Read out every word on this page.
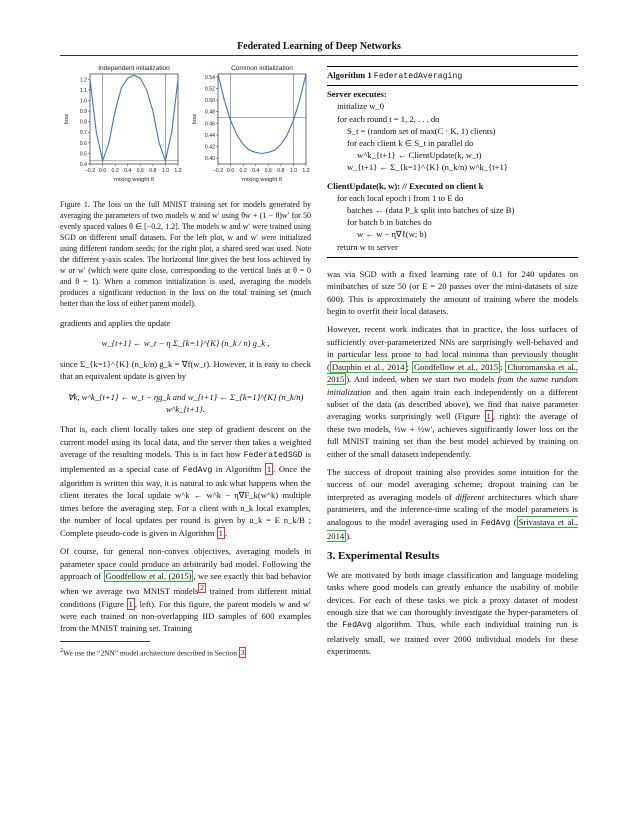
Federated Learning of Deep Networks
Independent initialization
−0.2 0.0 0.2 0.4 0.6 0.8 1.0 1.2
0.4
0.5
0.6
0.7
0.8
0.9
1.0
1.1
1.2
mixing weight θ
loss
Common initialization
−0.2 0.0 0.2 0.4 0.6 0.8 1.0 1.2
0.40
0.42
0.44
0.46
0.48
0.50
0.52
0.54
mixing weight θ
loss
Figure 1. The loss on the full MNIST training set for models generated by averaging the parameters of two models w and w′ using θw + (1 − θ)w′ for 50 evenly spaced values θ ∈ [−0.2, 1.2]. The models w and w′ were trained using SGD on different small datasets. For the left plot, w and w′ were initialized using different random seeds; for the right plot, a shared seed was used. Note the different y-axis scales. The horizontal line gives the best loss achieved by w or w′ (which were quite close, corresponding to the vertical lines at θ = 0 and θ = 1). When a common initialization is used, averaging the models produces a significant reduction in the loss on the total training set (much better than the loss of either parent model).

gradients and applies the update

w_{t+1} ← w_t − η Σ_{k=1}^{K} (n_k / n) g_k ,

since Σ_{k=1}^{K} (n_k/n) g_k = ∇f(w_t). However, it is easy to check that an equivalent update is given by

∀k, w^k_{t+1} ← w_t − ηg_k and w_{t+1} ← Σ_{k=1}^{K} (n_k/n) w^k_{t+1}.

That is, each client locally takes one step of gradient descent on the current model using its local data, and the server then takes a weighted average of the resulting models. This is in fact how FederatedSGD is implemented as a special case of FedAvg in Algorithm 1 . Once the algorithm is written this way, it is natural to ask what happens when the client iterates the local update w^k ← w^k − η∇F_k(w^k) multiple times before the averaging step. For a client with n_k local examples, the number of local updates per round is given by u_k = E n_k/B ; Complete pseudo-code is given in Algorithm 1 .

Of course, for general non-convex objectives, averaging models in parameter space could produce an arbitrarily bad model. Following the approach of Goodfellow et al. (2015) , we see exactly this bad behavior when we average two MNIST models $^2$ trained from different initial conditions (Figure 1 , left). For this figure, the parent models w and w′ were each trained on non-overlapping IID samples of 600 examples from the MNIST training set. Training

$^2$We use the “2NN” model architecture described in Section 3
Algorithm 1 FederatedAveraging
Server executes:
initialize w_0
for each round t = 1, 2, . . . do
S_t = (random set of max(C · K, 1) clients)
for each client k ∈ S_t in parallel do
w^k_{t+1} ← ClientUpdate(k, w_t)
w_{t+1} ← Σ_{k=1}^{K} (n_k/n) w^k_{t+1}
ClientUpdate(k, w): // Executed on client k
for each local epoch i from 1 to E do
batches ← (data P_k split into batches of size B)
for batch b in batches do
w ← w − η∇ℓ(w; b)
return w to server

was via SGD with a fixed learning rate of 0.1 for 240 updates on minibatches of size 50 (or E = 20 passes over the mini-datasets of size 600). This is approximately the amount of training where the models begin to overfit their local datasets.

However, recent work indicates that in practice, the loss surfaces of sufficiently over-parameterized NNs are surprisingly well-behaved and in particular less prone to bad local minima than previously thought ( Dauphin et al., 2014 ; Goodfellow et al., 2015 ; Choromanska et al., 2015 ). And indeed, when we start two models from the same random initialization and then again train each independently on a different subset of the data (as described above), we find that naive parameter averaging works surprisingly well (Figure 1 , right): the average of these two models, ½w + ½w′, achieves significantly lower loss on the full MNIST training set than the best model achieved by training on either of the small datasets independently.

The success of dropout training also provides some intuition for the success of our model averaging scheme; dropout training can be interpreted as averaging models of different architectures which share parameters, and the inference-time scaling of the model parameters is analogous to the model averaging used in FedAvg ( Srivastava et al., 2014 ).

3. Experimental Results

We are motivated by both image classification and language modeling tasks where good models can greatly enhance the usability of mobile devices. For each of these tasks we pick a proxy dataset of modest enough size that we can thoroughly investigate the hyper-parameters of the FedAvg algorithm. Thus, while each individual training run is relatively small, we trained over 2000 individual models for these experiments.
